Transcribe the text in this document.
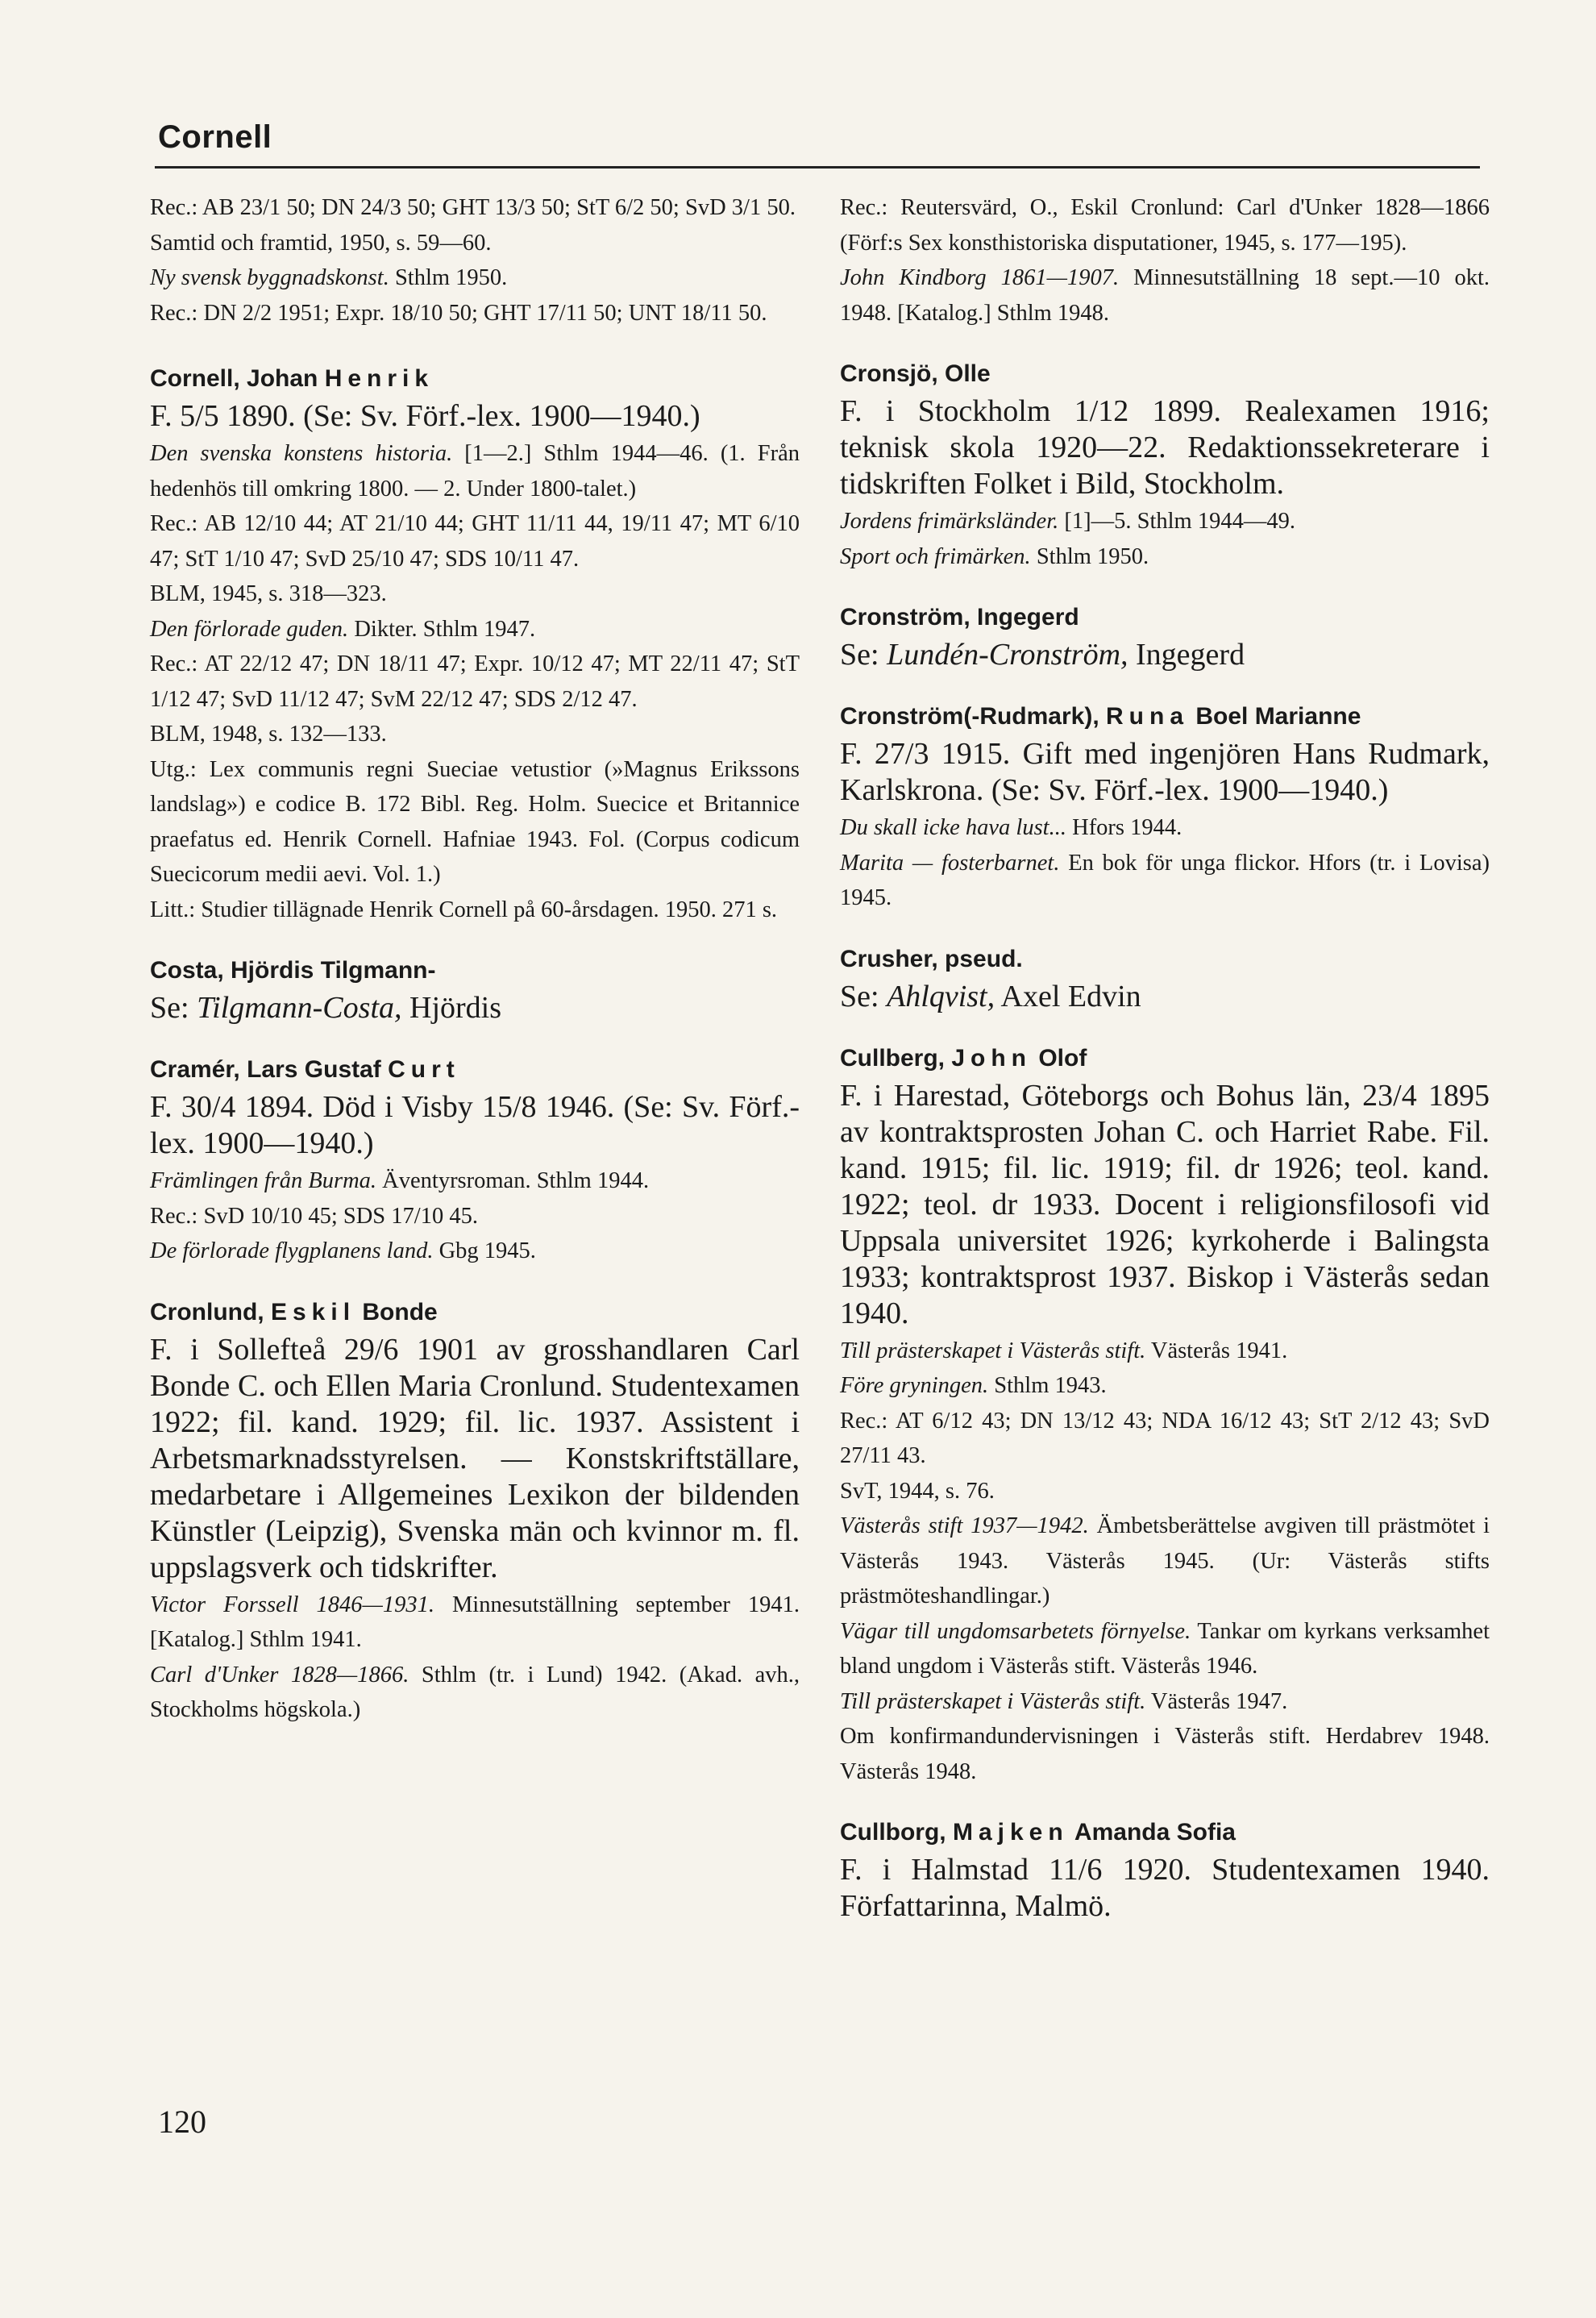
Cornell

Rec.: AB 23/1 50; DN 24/3 50; GHT 13/3 50; StT 6/2 50; SvD 3/1 50.

Samtid och framtid, 1950, s. 59—60.

Ny svensk byggnadskonst. Sthlm 1950.

Rec.: DN 2/2 1951; Expr. 18/10 50; GHT 17/11 50; UNT 18/11 50.

Cornell, Johan Henrik

F. 5/5 1890. (Se: Sv. Förf.-lex. 1900—1940.)

Den svenska konstens historia. [1—2.] Sthlm 1944—46. (1. Från hedenhös till omkring 1800. — 2. Under 1800-talet.)

Rec.: AB 12/10 44; AT 21/10 44; GHT 11/11 44, 19/11 47; MT 6/10 47; StT 1/10 47; SvD 25/10 47; SDS 10/11 47.

BLM, 1945, s. 318—323.

Den förlorade guden. Dikter. Sthlm 1947.

Rec.: AT 22/12 47; DN 18/11 47; Expr. 10/12 47; MT 22/11 47; StT 1/12 47; SvD 11/12 47; SvM 22/12 47; SDS 2/12 47.

BLM, 1948, s. 132—133.

Utg.: Lex communis regni Sueciae vetustior (»Magnus Erikssons landslag») e codice B. 172 Bibl. Reg. Holm. Suecice et Britannice praefatus ed. Henrik Cornell. Hafniae 1943. Fol. (Corpus codicum Suecicorum medii aevi. Vol. 1.)

Litt.: Studier tillägnade Henrik Cornell på 60-årsdagen. 1950. 271 s.

Costa, Hjördis Tilgmann-

Se: Tilgmann-Costa, Hjördis

Cramér, Lars Gustaf Curt

F. 30/4 1894. Död i Visby 15/8 1946. (Se: Sv. Förf.-lex. 1900—1940.)

Främlingen från Burma. Äventyrsroman. Sthlm 1944.

Rec.: SvD 10/10 45; SDS 17/10 45.

De förlorade flygplanens land. Gbg 1945.

Cronlund, Eskil Bonde

F. i Sollefteå 29/6 1901 av grosshandlaren Carl Bonde C. och Ellen Maria Cronlund. Studentexamen 1922; fil. kand. 1929; fil. lic. 1937. Assistent i Arbetsmarknadsstyrelsen. — Konstskriftställare, medarbetare i Allgemeines Lexikon der bildenden Künstler (Leipzig), Svenska män och kvinnor m. fl. uppslagsverk och tidskrifter.

Victor Forssell 1846—1931. Minnesutställning september 1941. [Katalog.] Sthlm 1941.

Carl d'Unker 1828—1866. Sthlm (tr. i Lund) 1942. (Akad. avh., Stockholms högskola.)

Rec.: Reutersvärd, O., Eskil Cronlund: Carl d'Unker 1828—1866 (Förf:s Sex konsthistoriska disputationer, 1945, s. 177—195).

John Kindborg 1861—1907. Minnesutställning 18 sept.—10 okt. 1948. [Katalog.] Sthlm 1948.

Cronsjö, Olle

F. i Stockholm 1/12 1899. Realexamen 1916; teknisk skola 1920—22. Redaktionssekreterare i tidskriften Folket i Bild, Stockholm.

Jordens frimärksländer. [1]—5. Sthlm 1944—49.

Sport och frimärken. Sthlm 1950.

Cronström, Ingegerd

Se: Lundén-Cronström, Ingegerd

Cronström(-Rudmark), Runa Boel Marianne

F. 27/3 1915. Gift med ingenjören Hans Rudmark, Karlskrona. (Se: Sv. Förf.-lex. 1900—1940.)

Du skall icke hava lust... Hfors 1944.

Marita — fosterbarnet. En bok för unga flickor. Hfors (tr. i Lovisa) 1945.

Crusher, pseud.

Se: Ahlqvist, Axel Edvin

Cullberg, John Olof

F. i Harestad, Göteborgs och Bohus län, 23/4 1895 av kontraktsprosten Johan C. och Harriet Rabe. Fil. kand. 1915; fil. lic. 1919; fil. dr 1926; teol. kand. 1922; teol. dr 1933. Docent i religionsfilosofi vid Uppsala universitet 1926; kyrkoherde i Balingsta 1933; kontraktsprost 1937. Biskop i Västerås sedan 1940.

Till prästerskapet i Västerås stift. Västerås 1941.

Före gryningen. Sthlm 1943.

Rec.: AT 6/12 43; DN 13/12 43; NDA 16/12 43; StT 2/12 43; SvD 27/11 43.

SvT, 1944, s. 76.

Västerås stift 1937—1942. Ämbetsberättelse avgiven till prästmötet i Västerås 1943. Västerås 1945. (Ur: Västerås stifts prästmöteshandlingar.)

Vägar till ungdomsarbetets förnyelse. Tankar om kyrkans verksamhet bland ungdom i Västerås stift. Västerås 1946.

Till prästerskapet i Västerås stift. Västerås 1947.

Om konfirmandundervisningen i Västerås stift. Herdabrev 1948. Västerås 1948.

Cullborg, Majken Amanda Sofia

F. i Halmstad 11/6 1920. Studentexamen 1940. Författarinna, Malmö.

120
